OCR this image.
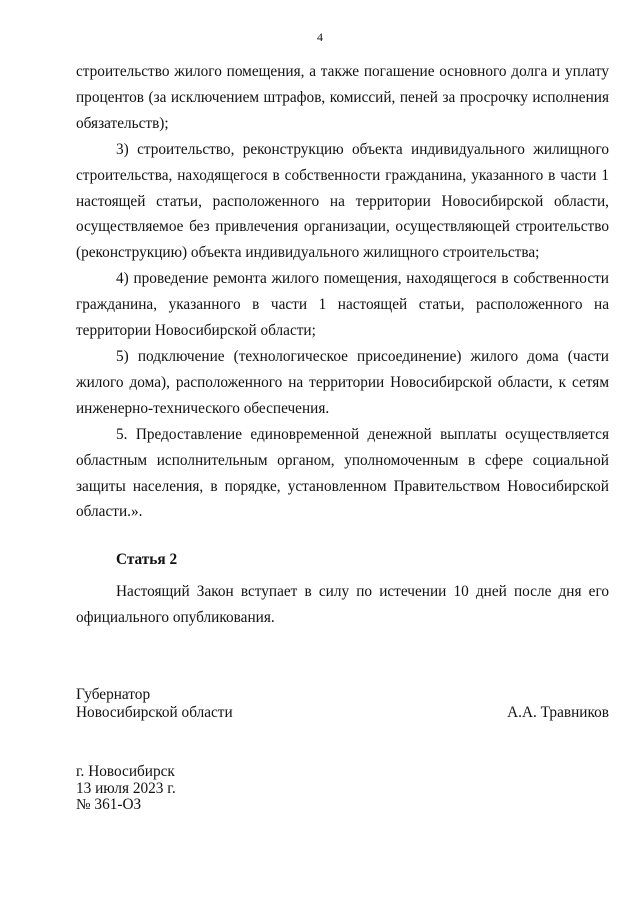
4

строительство жилого помещения, а также погашение основного долга и уплату процентов (за исключением штрафов, комиссий, пеней за просрочку исполнения обязательств);

3) строительство, реконструкцию объекта индивидуального жилищного строительства, находящегося в собственности гражданина, указанного в части 1 настоящей статьи, расположенного на территории Новосибирской области, осуществляемое без привлечения организации, осуществляющей строительство (реконструкцию) объекта индивидуального жилищного строительства;

4) проведение ремонта жилого помещения, находящегося в собственности гражданина, указанного в части 1 настоящей статьи, расположенного на территории Новосибирской области;

5) подключение (технологическое присоединение) жилого дома (части жилого дома), расположенного на территории Новосибирской области, к сетям инженерно-технического обеспечения.

5. Предоставление единовременной денежной выплаты осуществляется областным исполнительным органом, уполномоченным в сфере социальной защиты населения, в порядке, установленном Правительством Новосибирской области.».

Статья 2

Настоящий Закон вступает в силу по истечении 10 дней после дня его официального опубликования.

Губернатор
Новосибирской области	А.А. Травников
г. Новосибирск
13 июля 2023 г.
№ 361-ОЗ
